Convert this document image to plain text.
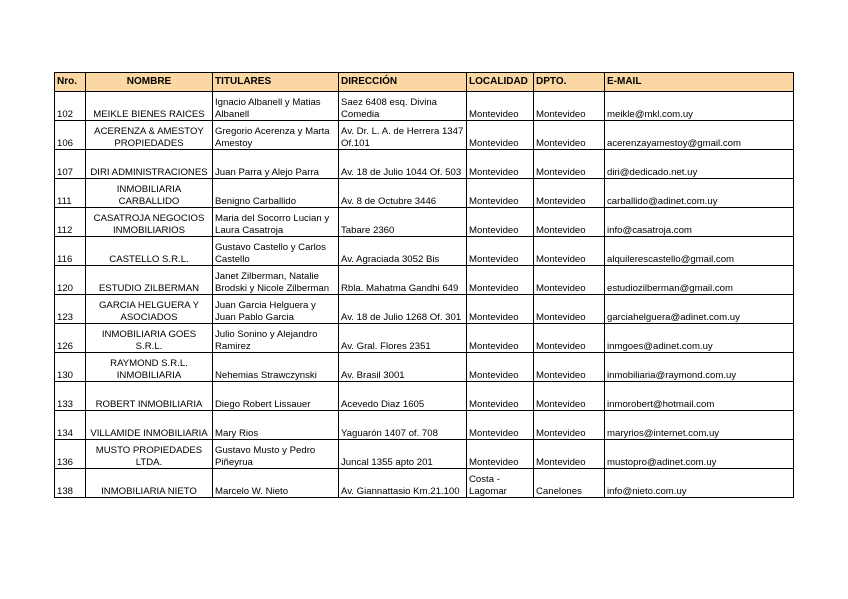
Nro.	NOMBRE	TITULARES	DIRECCIÓN	LOCALIDAD	DPTO.	E-MAIL

102	MEIKLE BIENES RAICES	Ignacio Albanell y Matias Albanell	Saez 6408 esq. Divina Comedia	Montevideo	Montevideo	meikle@mkl.com.uy

106	ACERENZA & AMESTOY PROPIEDADES	Gregorio Acerenza y Marta Amestoy	Av. Dr. L. A. de Herrera 1347 Of.101	Montevideo	Montevideo	acerenzayamestoy@gmail.com

107	DIRI ADMINISTRACIONES	Juan Parra y Alejo Parra	Av. 18 de Julio 1044 Of. 503	Montevideo	Montevideo	diri@dedicado.net.uy

111	INMOBILIARIA CARBALLIDO	Benigno Carballido	Av. 8 de Octubre 3446	Montevideo	Montevideo	carballido@adinet.com.uy

112	CASATROJA NEGOCIOS INMOBILIARIOS	Maria del Socorro Lucian y Laura Casatroja	Tabare 2360	Montevideo	Montevideo	info@casatroja.com

116	CASTELLO S.R.L.	Gustavo Castello y Carlos Castello	Av. Agraciada 3052 Bis	Montevideo	Montevideo	alquilerescastello@gmail.com

120	ESTUDIO ZILBERMAN	Janet Zilberman, Natalie Brodski y Nicole Zilberman	Rbla. Mahatma Gandhi 649	Montevideo	Montevideo	estudiozilberman@gmail.com

123	GARCIA HELGUERA Y ASOCIADOS	Juan Garcia Helguera y Juan Pablo Garcia	Av. 18 de Julio 1268 Of. 301	Montevideo	Montevideo	garciahelguera@adinet.com.uy

126	INMOBILIARIA GOES S.R.L.	Julio Sonino y Alejandro Ramirez	Av. Gral. Flores 2351	Montevideo	Montevideo	inmgoes@adinet.com.uy

130	RAYMOND S.R.L. INMOBILIARIA	Nehemias Strawczynski	Av. Brasil 3001	Montevideo	Montevideo	inmobiliaria@raymond.com.uy

133	ROBERT INMOBILIARIA	Diego Robert Lissauer	Acevedo Diaz 1605	Montevideo	Montevideo	inmorobert@hotmail.com

134	VILLAMIDE INMOBILIARIA	Mary Rios	Yaguarón 1407 of. 708	Montevideo	Montevideo	maryrios@internet.com.uy

136	MUSTO PROPIEDADES LTDA.	Gustavo Musto y Pedro Piñeyrua	Juncal 1355 apto 201	Montevideo	Montevideo	mustopro@adinet.com.uy

138	INMOBILIARIA NIETO	Marcelo W. Nieto	Av. Giannattasio Km.21.100	Costa - Lagomar	Canelones	info@nieto.com.uy
